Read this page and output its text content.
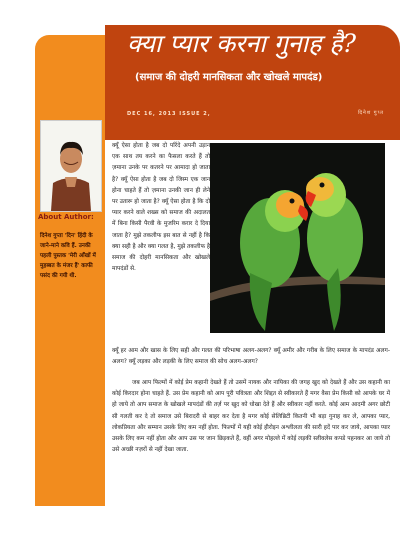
क्या प्यार करना गुनाह है?
(समाज की दोहरी मानसिकता और खोखले मापदंड)
DEC 16, 2013 ISSUE 2,	दिनेश गुप्त
About Author:
दिनेश गुप्ता 'दिन' हिंदी के जाने-माने कवि हैं. उनकी पहली पुस्तक 'मेरी आँखों में मुहब्बत के मंजर हैं' काफी पसंद की गयी थी.
क्यूँ ऐसा होता है जब दो परिंदे अपनी उड़ान एक साथ तय करने का फैसला करते हैं तो ज़माना उनके पर कतरने पर आमादा हो जाता है? क्यूँ ऐसा होता है जब दो जिस्म एक जान होना चाहते हैं तो ज़माना उनकी जान ही लेने पर उतारू हो जाता है? क्यूँ ऐसा होता है कि दो प्यार करने वाले शख्स को समाज की अदालत में बिना किसी पैरवी के मुजरिम करार दे दिया जाता है? मुझे तकलीफ इस बात से नहीं है कि क्या सही है और क्या गलत है, मुझे तकलीफ है समाज की दोहरी मानसिकता और खोखले मापदंडों से.
क्यूँ हर आम और खास के लिए सही और गलत की परिभाषा अलग-अलग? क्यूँ अमीर और गरीब के लिए समाज के मापदंड अलग-अलग? क्यूँ लड़का और लड़की के लिए समाज की सोच अलग-अलग?
जब आप फिल्मों में कोई प्रेम कहानी देखते हैं तो उसमें नायक और नायिका की जगह खुद को देखते हैं और उस कहानी का कोई किरदार होना चाहते हैं. उस प्रेम कहानी को आप पूरी पवित्रता और शिद्दत से स्वीकारते हैं मगर वैसा प्रेम किसी को आपके घर में हो जाये तो आप समाज के खोखले मापदंडों की तर्ज़ पर खुद को धोखा देते हैं और स्वीकार नहीं करते. कोई आम आदमी अगर छोटी सी गलती कर दे तो समाज उसे बिरादरी से बाहर कर देता है मगर कोई सेलिब्रिटी कितनी भी बड़ा गुनाह कर ले, आपका प्यार, लोकप्रियता और सम्मान उसके लिए कम नहीं होता. फिल्मों में यही कोई हीरोइन अश्लीलता की सारी हदें पार कर जाये, आपका प्यार उसके लिए कम नहीं होता और आप उस पर जान छिड़कते हैं, वहीं अगर मोहल्ले में कोई लड़की स्लीवलेस कपडे पहनकर आ जाये तो उसे अच्छी नज़रों से नहीं देखा जाता.
